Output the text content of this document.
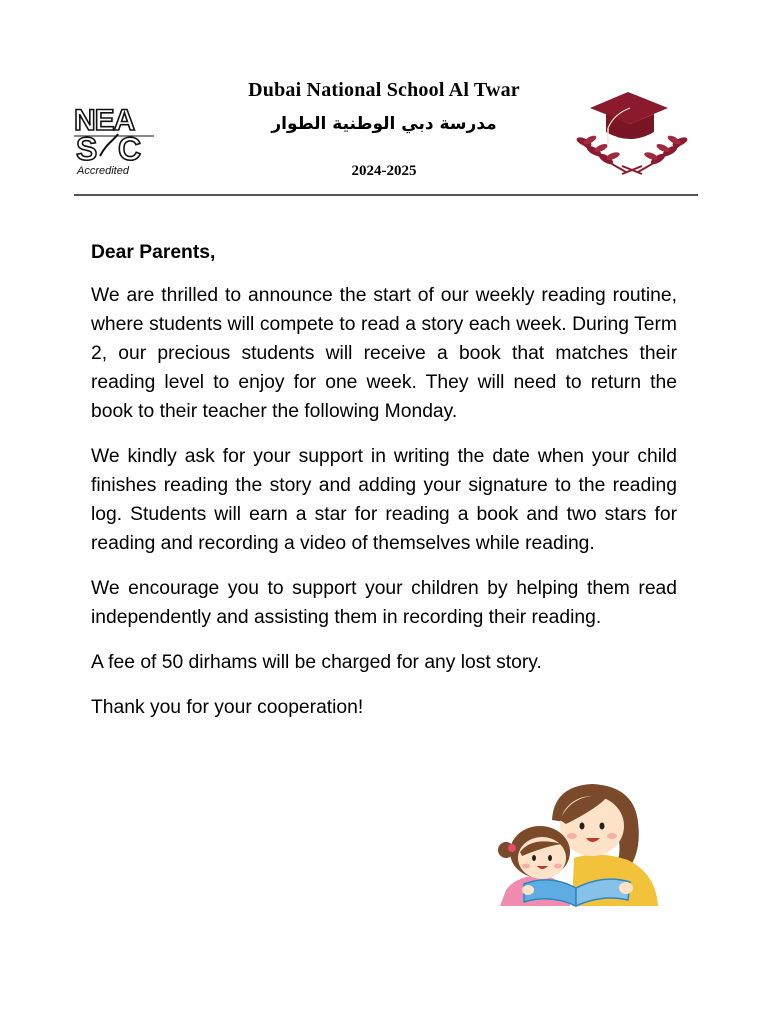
NEA
S C
Accredited
Dubai National School Al Twar
مدرسة دبي الوطنية الطوار
2024-2025

Dear Parents,

We are thrilled to announce the start of our weekly reading routine, where students will compete to read a story each week. During Term 2, our precious students will receive a book that matches their reading level to enjoy for one week. They will need to return the book to their teacher the following Monday.

We kindly ask for your support in writing the date when your child finishes reading the story and adding your signature to the reading log. Students will earn a star for reading a book and two stars for reading and recording a video of themselves while reading.

We encourage you to support your children by helping them read independently and assisting them in recording their reading.

A fee of 50 dirhams will be charged for any lost story.

Thank you for your cooperation!
